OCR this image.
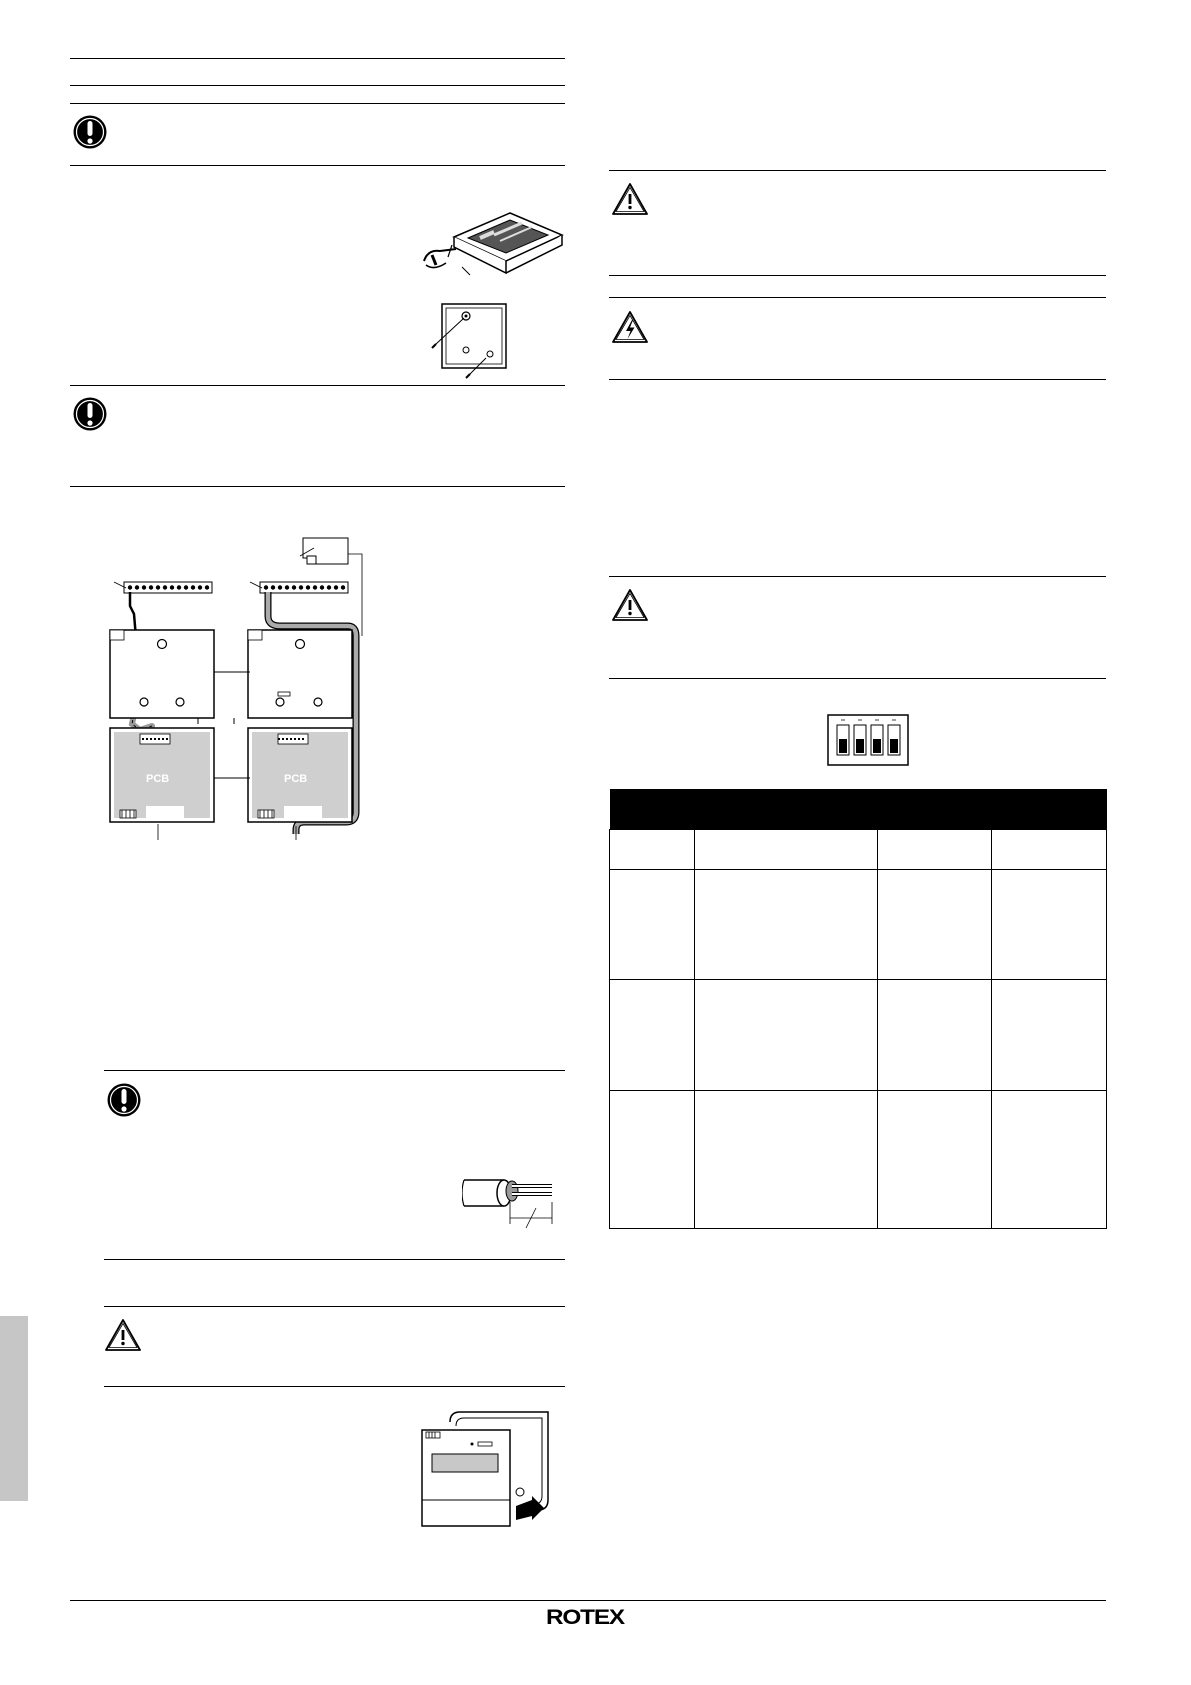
PCB	PCB

ROTEX
